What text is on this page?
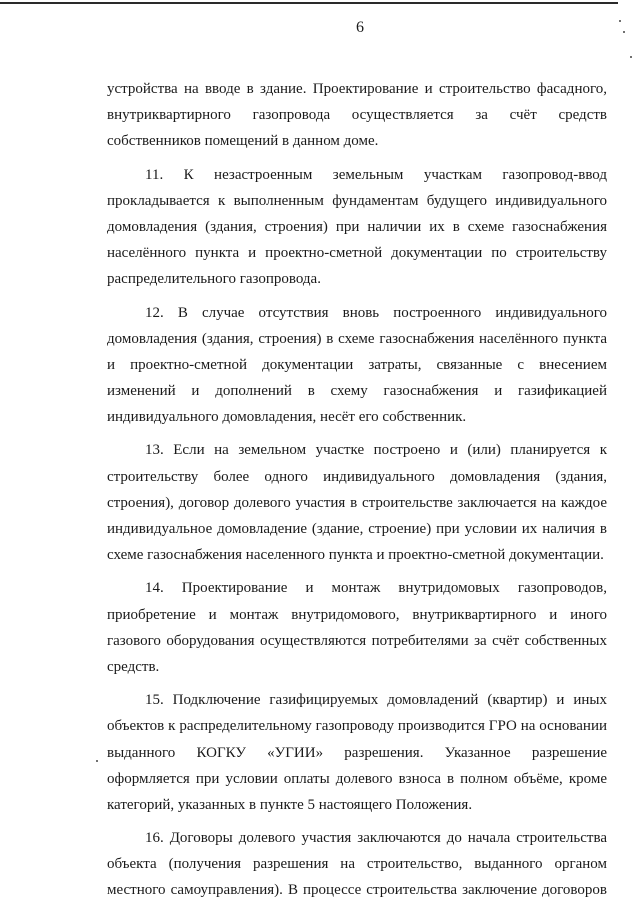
6
устройства на вводе в здание. Проектирование и строительство фасадного,
внутриквартирного газопровода осуществляется за счёт средств
собственников помещений в данном доме.
11. К незастроенным земельным участкам газопровод-ввод
прокладывается к выполненным фундаментам будущего индивидуального
домовладения (здания, строения) при наличии их в схеме газоснабжения
населённого пункта и проектно-сметной документации по строительству
распределительного газопровода.
12. В случае отсутствия вновь построенного индивидуального
домовладения (здания, строения) в схеме газоснабжения населённого пункта
и проектно-сметной документации затраты, связанные с внесением
изменений и дополнений в схему газоснабжения и газификацией
индивидуального домовладения, несёт его собственник.
13. Если на земельном участке построено и (или) планируется к
строительству более одного индивидуального домовладения (здания,
строения), договор долевого участия в строительстве заключается на каждое
индивидуальное домовладение (здание, строение) при условии их наличия в
схеме газоснабжения населенного пункта и проектно-сметной документации.
14. Проектирование и монтаж внутридомовых газопроводов,
приобретение и монтаж внутридомового, внутриквартирного и иного
газового оборудования осуществляются потребителями за счёт собственных
средств.
15. Подключение газифицируемых домовладений (квартир) и иных
объектов к распределительному газопроводу производится ГРО на основании
выданного КОГКУ «УГИИ» разрешения. Указанное разрешение
оформляется при условии оплаты долевого взноса в полном объёме, кроме
категорий, указанных в пункте 5 настоящего Положения.
16. Договоры долевого участия заключаются до начала строительства
объекта (получения разрешения на строительство, выданного органом
местного самоуправления). В процессе строительства заключение договоров
